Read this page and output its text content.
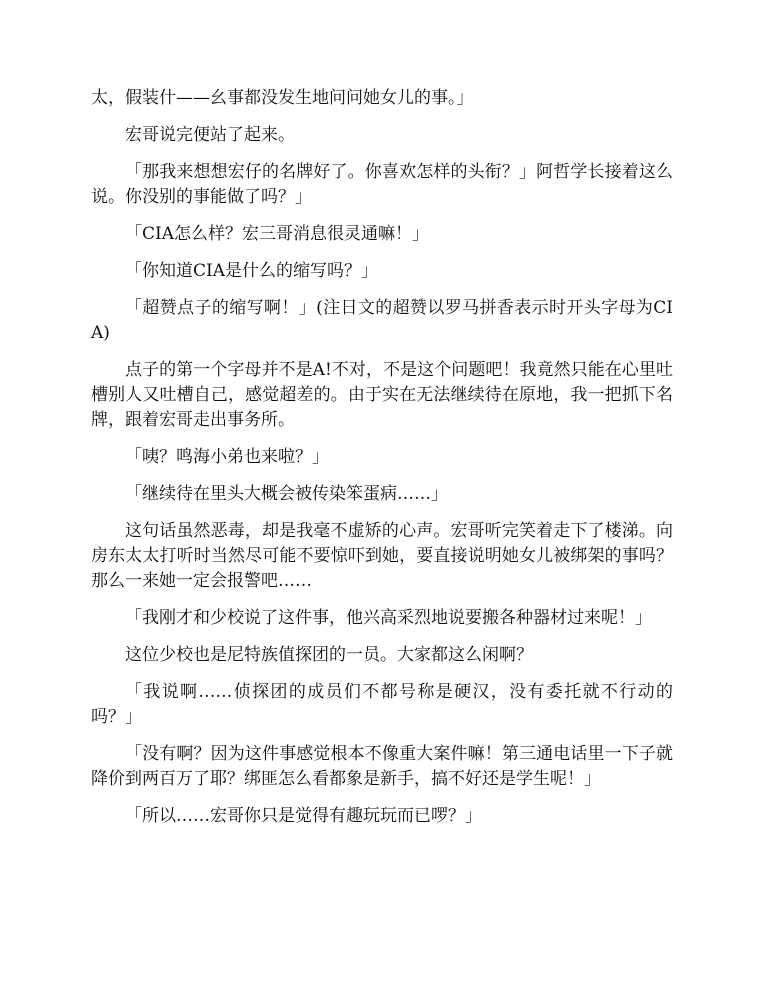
太，假装什——幺事都没发生地问问她女儿的事。」

宏哥说完便站了起来。

「那我来想想宏仔的名牌好了。你喜欢怎样的头衔？」阿哲学长接着这么说。你没别的事能做了吗？」

「CIA怎么样？宏三哥消息很灵通嘛！」

「你知道CIA是什么的缩写吗？」

「超赞点子的缩写啊！」(注日文的超赞以罗马拼香表示时开头字母为CIA)

点子的第一个字母并不是A!不对，不是这个问题吧！我竟然只能在心里吐槽别人又吐槽自己，感觉超差的。由于实在无法继续待在原地，我一把抓下名牌，跟着宏哥走出事务所。

「咦？鸣海小弟也来啦？」

「继续待在里头大概会被传染笨蛋病……」

这句话虽然恶毒，却是我毫不虚矫的心声。宏哥听完笑着走下了楼涕。向房东太太打听时当然尽可能不要惊吓到她，要直接说明她女儿被绑架的事吗？那么一来她一定会报警吧……

「我刚才和少校说了这件事，他兴高采烈地说要搬各种器材过来呢！」

这位少校也是尼特族值探团的一员。大家都这么闲啊？

「我说啊……侦探团的成员们不都号称是硬汉，没有委托就不行动的吗？」

「没有啊？因为这件事感觉根本不像重大案件嘛！第三通电话里一下子就降价到两百万了耶？绑匪怎么看都象是新手，搞不好还是学生呢！」

「所以……宏哥你只是觉得有趣玩玩而已啰？」
